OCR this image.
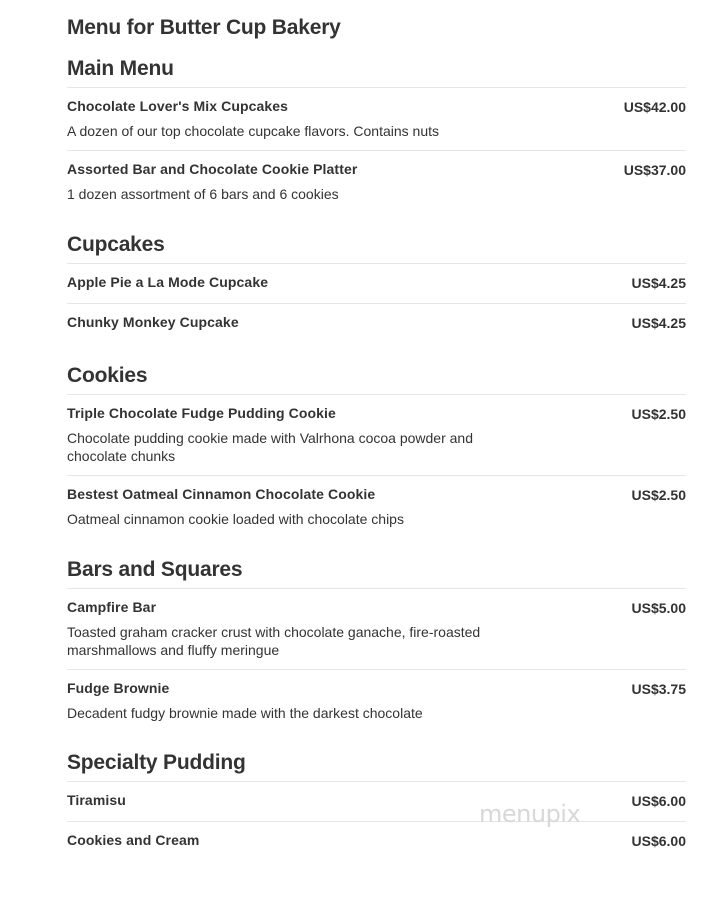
Menu for Butter Cup Bakery
Main Menu
Chocolate Lover's Mix Cupcakes	US$42.00
A dozen of our top chocolate cupcake flavors. Contains nuts
Assorted Bar and Chocolate Cookie Platter	US$37.00
1 dozen assortment of 6 bars and 6 cookies
Cupcakes
Apple Pie a La Mode Cupcake	US$4.25
Chunky Monkey Cupcake	US$4.25
Cookies
Triple Chocolate Fudge Pudding Cookie	US$2.50
Chocolate pudding cookie made with Valrhona cocoa powder and chocolate chunks
Bestest Oatmeal Cinnamon Chocolate Cookie	US$2.50
Oatmeal cinnamon cookie loaded with chocolate chips
Bars and Squares
Campfire Bar	US$5.00
Toasted graham cracker crust with chocolate ganache, fire-roasted marshmallows and fluffy meringue
Fudge Brownie	US$3.75
Decadent fudgy brownie made with the darkest chocolate
Specialty Pudding
Tiramisu	US$6.00
Cookies and Cream	US$6.00
menupix
